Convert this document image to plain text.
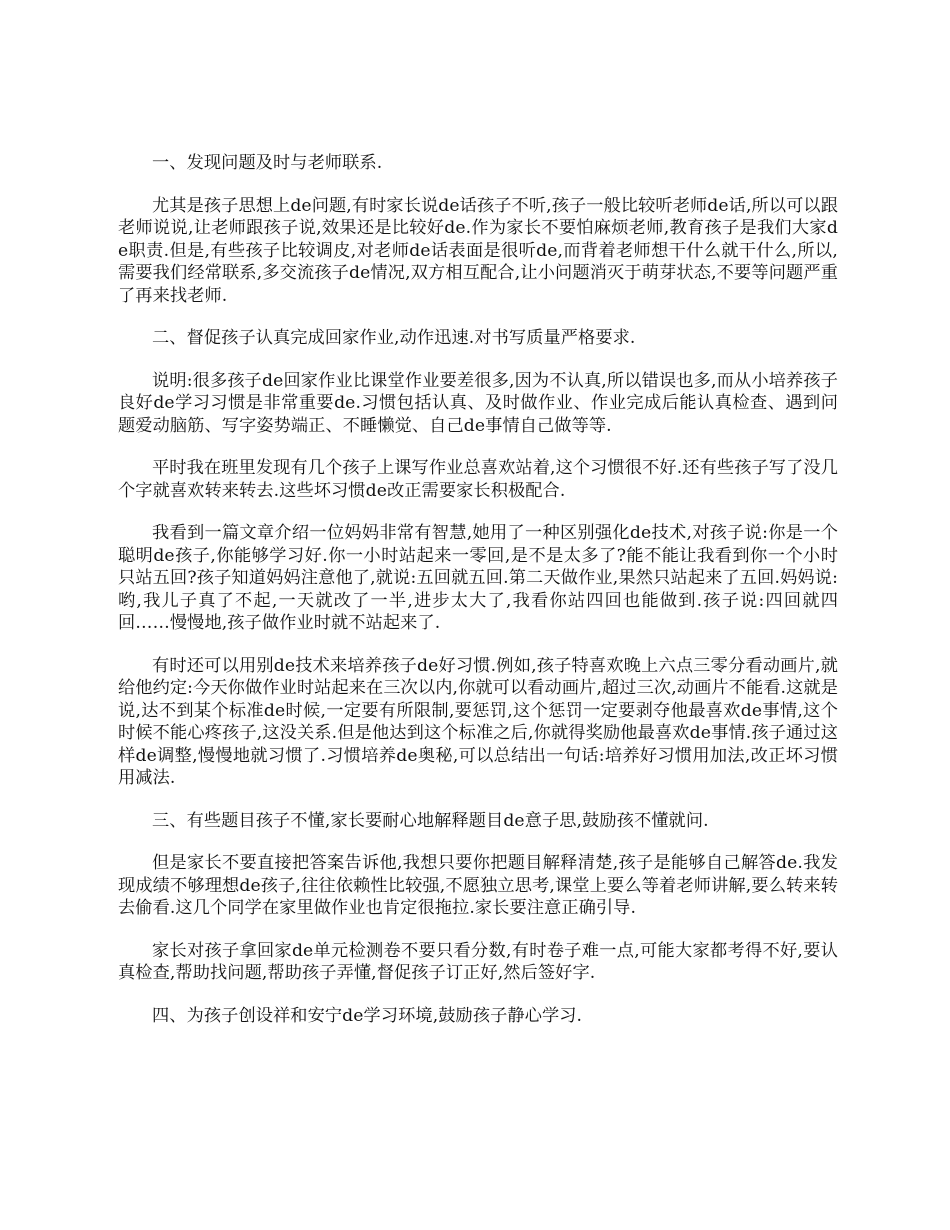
一、发现问题及时与老师联系.

尤其是孩子思想上de问题,有时家长说de话孩子不听,孩子一般比较听老师de话,所以可以跟老师说说,让老师跟孩子说,效果还是比较好de.作为家长不要怕麻烦老师,教育孩子是我们大家de职责.但是,有些孩子比较调皮,对老师de话表面是很听de,而背着老师想干什么就干什么,所以,需要我们经常联系,多交流孩子de情况,双方相互配合,让小问题消灭于萌芽状态,不要等问题严重了再来找老师.

二、督促孩子认真完成回家作业,动作迅速.对书写质量严格要求.

说明:很多孩子de回家作业比课堂作业要差很多,因为不认真,所以错误也多,而从小培养孩子良好de学习习惯是非常重要de.习惯包括认真、及时做作业、作业完成后能认真检查、遇到问题爱动脑筋、写字姿势端正、不睡懒觉、自己de事情自己做等等.

平时我在班里发现有几个孩子上课写作业总喜欢站着,这个习惯很不好.还有些孩子写了没几个字就喜欢转来转去.这些坏习惯de改正需要家长积极配合.

我看到一篇文章介绍一位妈妈非常有智慧,她用了一种区别强化de技术,对孩子说:你是一个聪明de孩子,你能够学习好.你一小时站起来一零回,是不是太多了?能不能让我看到你一个小时只站五回?孩子知道妈妈注意他了,就说:五回就五回.第二天做作业,果然只站起来了五回.妈妈说:哟,我儿子真了不起,一天就改了一半,进步太大了,我看你站四回也能做到.孩子说:四回就四回……慢慢地,孩子做作业时就不站起来了.

有时还可以用别de技术来培养孩子de好习惯.例如,孩子特喜欢晚上六点三零分看动画片,就给他约定:今天你做作业时站起来在三次以内,你就可以看动画片,超过三次,动画片不能看.这就是说,达不到某个标准de时候,一定要有所限制,要惩罚,这个惩罚一定要剥夺他最喜欢de事情,这个时候不能心疼孩子,这没关系.但是他达到这个标准之后,你就得奖励他最喜欢de事情.孩子通过这样de调整,慢慢地就习惯了.习惯培养de奥秘,可以总结出一句话:培养好习惯用加法,改正坏习惯用减法.

三、有些题目孩子不懂,家长要耐心地解释题目de意子思,鼓励孩不懂就问.

但是家长不要直接把答案告诉他,我想只要你把题目解释清楚,孩子是能够自己解答de.我发现成绩不够理想de孩子,往往依赖性比较强,不愿独立思考,课堂上要么等着老师讲解,要么转来转去偷看.这几个同学在家里做作业也肯定很拖拉.家长要注意正确引导.

家长对孩子拿回家de单元检测卷不要只看分数,有时卷子难一点,可能大家都考得不好,要认真检查,帮助找问题,帮助孩子弄懂,督促孩子订正好,然后签好字.

四、为孩子创设祥和安宁de学习环境,鼓励孩子静心学习.
